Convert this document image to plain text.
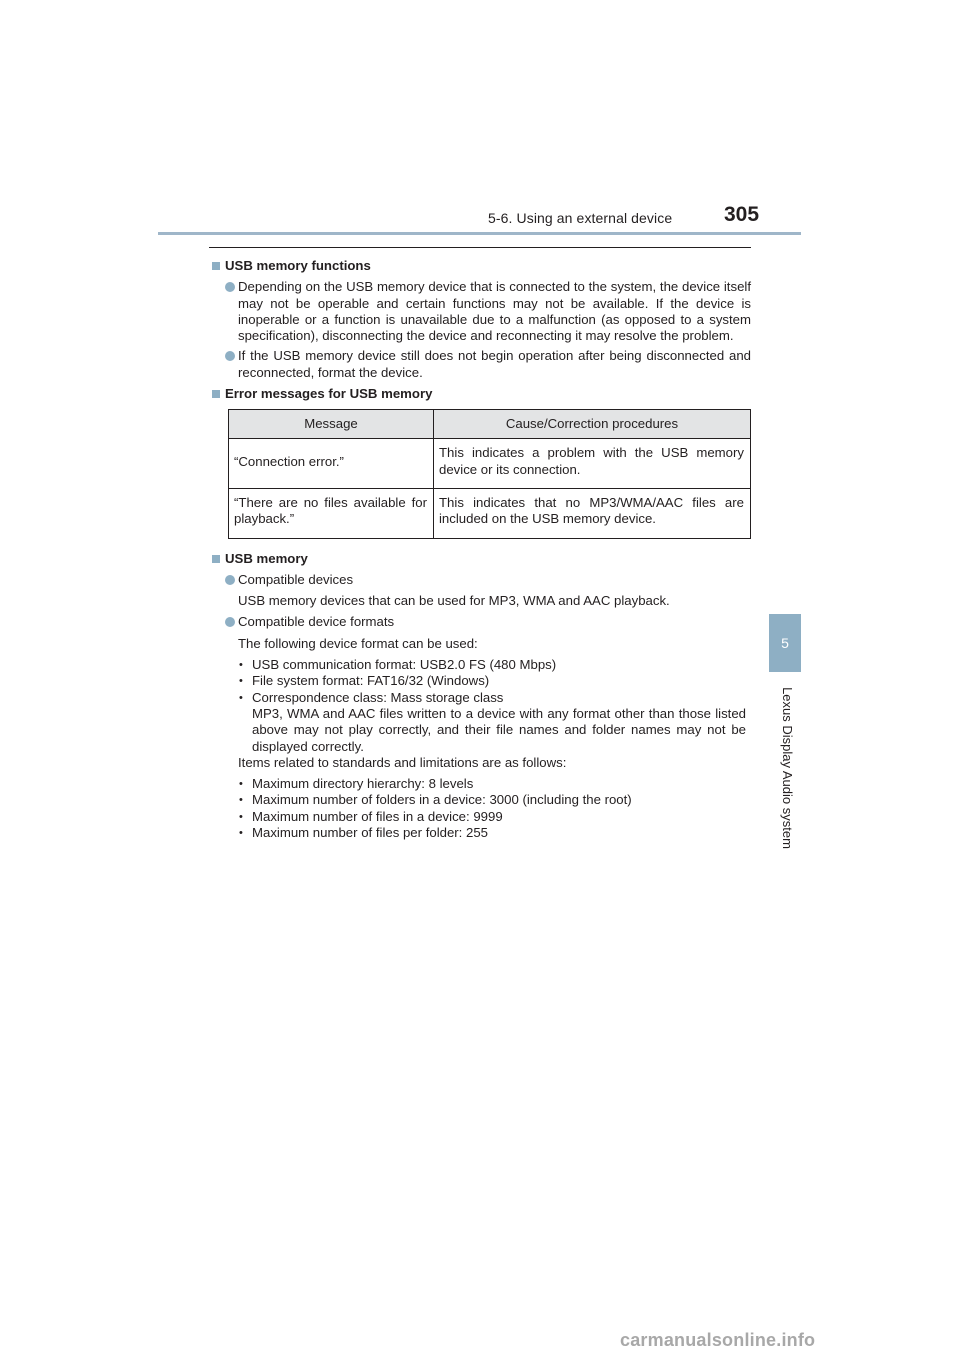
5-6. Using an external device 305
5
Lexus Display Audio system
USB memory functions
Depending on the USB memory device that is connected to the system, the device itself may not be operable and certain functions may not be available. If the device is inoperable or a function is unavailable due to a malfunction (as opposed to a system specification), disconnecting the device and reconnecting it may resolve the problem.
If the USB memory device still does not begin operation after being disconnected and reconnected, format the device.
Error messages for USB memory
Message	Cause/Correction procedures
“Connection error.”	This indicates a problem with the USB memory device or its connection.
“There are no files available for playback.”	This indicates that no MP3/WMA/AAC files are included on the USB memory device.
USB memory
Compatible devices
USB memory devices that can be used for MP3, WMA and AAC playback.
Compatible device formats
The following device format can be used:
• USB communication format: USB2.0 FS (480 Mbps)
• File system format: FAT16/32 (Windows)
• Correspondence class: Mass storage class
MP3, WMA and AAC files written to a device with any format other than those listed above may not play correctly, and their file names and folder names may not be displayed correctly.
Items related to standards and limitations are as follows:
• Maximum directory hierarchy: 8 levels
• Maximum number of folders in a device: 3000 (including the root)
• Maximum number of files in a device: 9999
• Maximum number of files per folder: 255
carmanualsonline.info
